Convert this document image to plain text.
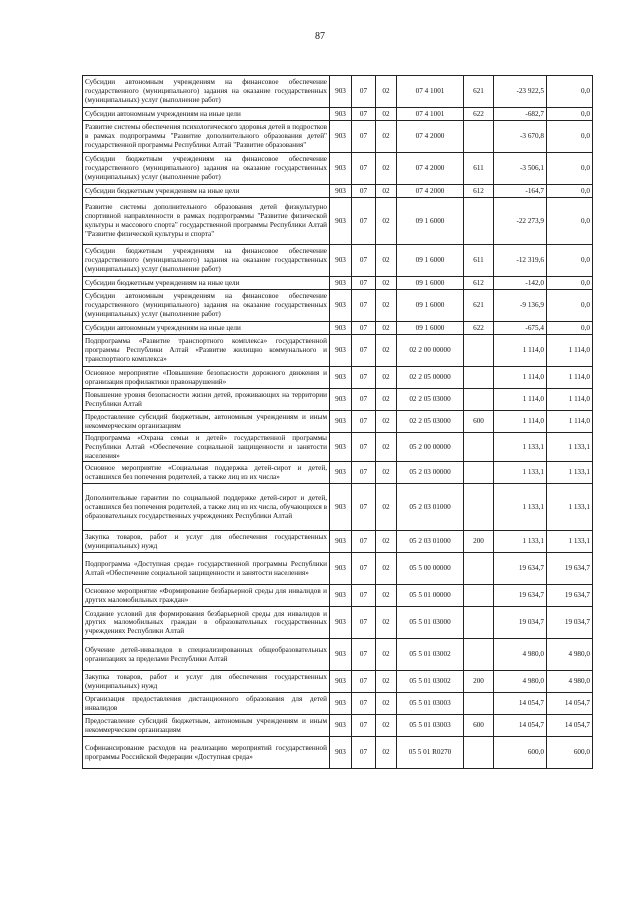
87
Субсидии автономным учреждениям на финансовое обеспечение государственного (муниципального) задания на оказание государственных (муниципальных) услуг (выполнение работ)	903	07	02	07 4 1001	621	-23 922,5	0,0
Субсидии автономным учреждениям на иные цели	903	07	02	07 4 1001	622	-682,7	0,0
Развитие системы обеспечения психологического здоровья детей в подростков в рамках подпрограммы "Развитие дополнительного образования детей" государственной программы Республики Алтай "Развитие образования"	903	07	02	07 4 2000		-3 670,8	0,0
Субсидии бюджетным учреждениям на финансовое обеспечение государственного (муниципального) задания на оказание государственных (муниципальных) услуг (выполнение работ)	903	07	02	07 4 2000	611	-3 506,1	0,0
Субсидии бюджетным учреждениям на иные цели	903	07	02	07 4 2000	612	-164,7	0,0
Развитие системы дополнительного образования детей физкультурно спортивной направленности в рамках подпрограммы "Развитие физической культуры и массового спорта" государственной программы Республики Алтай "Развитие физической культуры и спорта"	903	07	02	09 1 6000		-22 273,9	0,0
Субсидии бюджетным учреждениям на финансовое обеспечение государственного (муниципального) задания на оказание государственных (муниципальных) услуг (выполнение работ)	903	07	02	09 1 6000	611	-12 319,6	0,0
Субсидии бюджетным учреждениям на иные цели	903	07	02	09 1 6000	612	-142,0	0,0
Субсидии автономным учреждениям на финансовое обеспечение государственного (муниципального) задания на оказание государственных (муниципальных) услуг (выполнение работ)	903	07	02	09 1 6000	621	-9 136,9	0,0
Субсидии автономным учреждениям на иные цели	903	07	02	09 1 6000	622	-675,4	0,0
Подпрограмма «Развитие транспортного комплекса» государственной программы Республики Алтай «Развитие жилищно коммунального и транспортного комплекса»	903	07	02	02 2 00 00000		1 114,0	1 114,0
Основное мероприятие «Повышение безопасности дорожного движения и организация профилактики правонарушений»	903	07	02	02 2 05 00000		1 114,0	1 114,0
Повышение уровня безопасности жизни детей, проживающих на территории Республики Алтай	903	07	02	02 2 05 03000		1 114,0	1 114,0
Предоставление субсидий бюджетным, автономным учреждениям и иным некоммерческим организациям	903	07	02	02 2 05 03000	600	1 114,0	1 114,0
Подпрограмма «Охрана семьи и детей» государственной программы Республики Алтай «Обеспечение социальной защищенности и занятости населения»	903	07	02	05 2 00 00000		1 133,1	1 133,1
Основное мероприятие «Социальная поддержка детей-сирот и детей, оставшихся без попечения родителей, а также лиц из их числа»	903	07	02	05 2 03 00000		1 133,1	1 133,1
Дополнительные гарантии по социальной поддержке детей-сирот и детей, оставшихся без попечения родителей, а также лиц из их числа, обучающихся в образовательных государственных учреждениях Республики Алтай	903	07	02	05 2 03 01000		1 133,1	1 133,1
Закупка товаров, работ и услуг для обеспечения государственных (муниципальных) нужд	903	07	02	05 2 03 01000	200	1 133,1	1 133,1
Подпрограмма «Доступная среда» государственной программы Республики Алтай «Обеспечение социальной защищенности и занятости населения»	903	07	02	05 5 00 00000		19 634,7	19 634,7
Основное мероприятие «Формирование безбарьерной среды для инвалидов и других маломобильных граждан»	903	07	02	05 5 01 00000		19 634,7	19 634,7
Создание условий для формирования безбарьерной среды для инвалидов и других маломобильных граждан в образовательных государственных учреждениях Республики Алтай	903	07	02	05 5 01 03000		19 034,7	19 034,7
Обучение детей-инвалидов в специализированных общеобразовательных организациях за пределами Республики Алтай	903	07	02	05 5 01 03002		4 980,0	4 980,0
Закупка товаров, работ и услуг для обеспечения государственных (муниципальных) нужд	903	07	02	05 5 01 03002	200	4 980,0	4 980,0
Организация предоставления дистанционного образования для детей инвалидов	903	07	02	05 5 01 03003		14 054,7	14 054,7
Предоставление субсидий бюджетным, автономным учреждениям и иным некоммерческим организациям	903	07	02	05 5 01 03003	600	14 054,7	14 054,7
Софинансирование расходов на реализацию мероприятий государственной программы Российской Федерации «Доступная среда»	903	07	02	05 5 01 R0270		600,0	600,0
